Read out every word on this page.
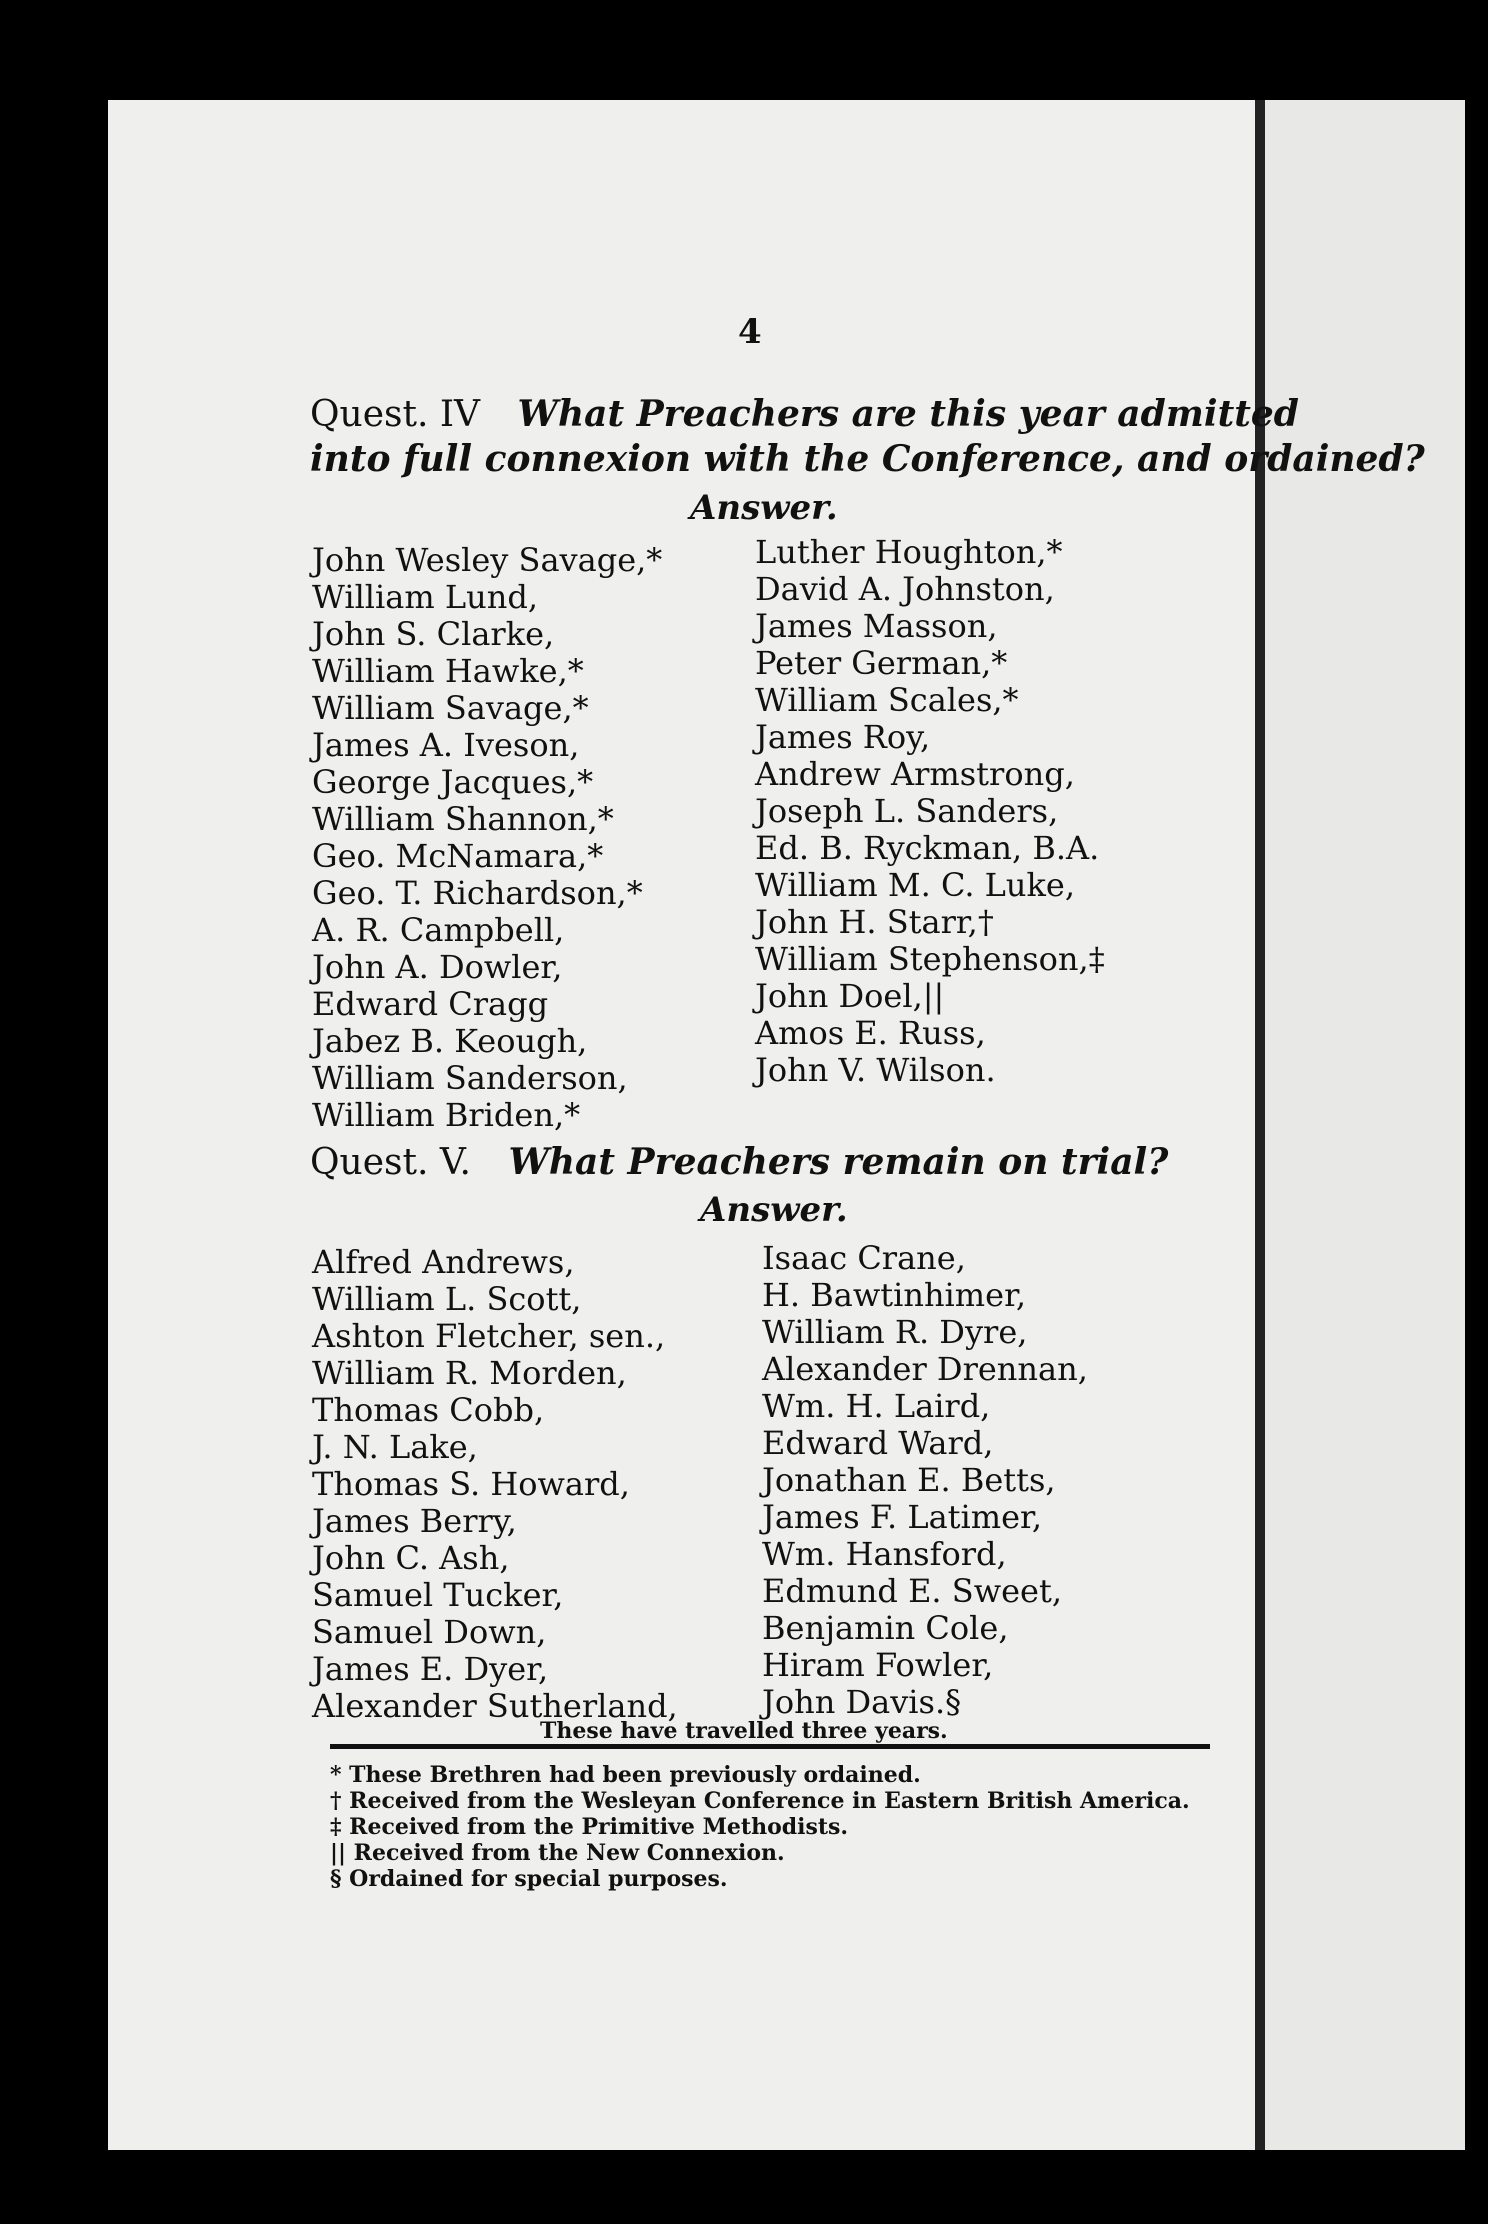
4
Quest. IV What Preachers are this year admitted
into full connexion with the Conference, and ordained?
Answer.
John Wesley Savage,*
William Lund,
John S. Clarke,
William Hawke,*
William Savage,*
James A. Iveson,
George Jacques,*
William Shannon,*
Geo. McNamara,*
Geo. T. Richardson,*
A. R. Campbell,
John A. Dowler,
Edward Cragg
Jabez B. Keough,
William Sanderson,
William Briden,*
Luther Houghton,*
David A. Johnston,
James Masson,
Peter German,*
William Scales,*
James Roy,
Andrew Armstrong,
Joseph L. Sanders,
Ed. B. Ryckman, B.A.
William M. C. Luke,
John H. Starr,†
William Stephenson,‡
John Doel,||
Amos E. Russ,
John V. Wilson.
Quest. V. What Preachers remain on trial?
Answer.
Alfred Andrews,
William L. Scott,
Ashton Fletcher, sen.,
William R. Morden,
Thomas Cobb,
J. N. Lake,
Thomas S. Howard,
James Berry,
John C. Ash,
Samuel Tucker,
Samuel Down,
James E. Dyer,
Alexander Sutherland,
Isaac Crane,
H. Bawtinhimer,
William R. Dyre,
Alexander Drennan,
Wm. H. Laird,
Edward Ward,
Jonathan E. Betts,
James F. Latimer,
Wm. Hansford,
Edmund E. Sweet,
Benjamin Cole,
Hiram Fowler,
John Davis.§
These have travelled three years.
* These Brethren had been previously ordained.
† Received from the Wesleyan Conference in Eastern British America.
‡ Received from the Primitive Methodists.
|| Received from the New Connexion.
§ Ordained for special purposes.
